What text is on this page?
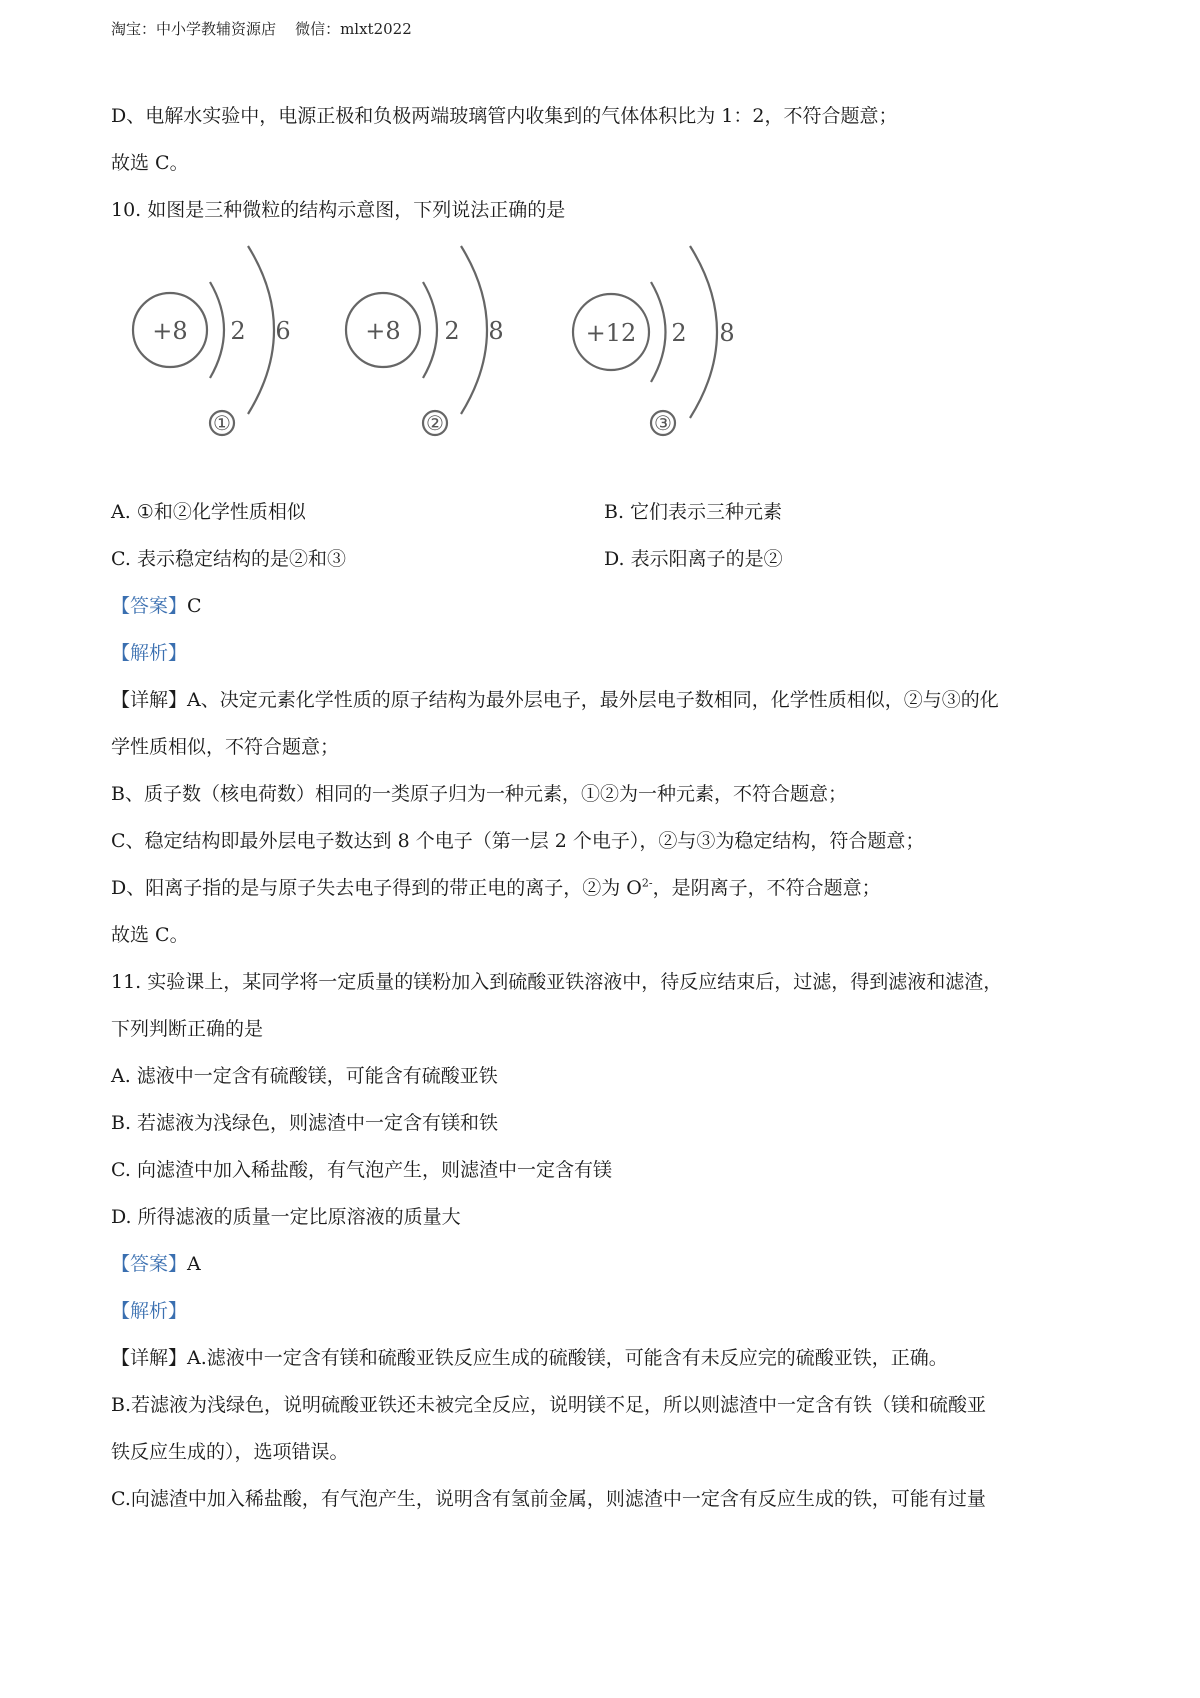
淘宝：中小学教辅资源店    微信：mlxt2022
D、电解水实验中，电源正极和负极两端玻璃管内收集到的气体体积比为 1：2，不符合题意；
故选 C。
10. 如图是三种微粒的结构示意图，下列说法正确的是
+8 2 6
①
+8 2 8
②
+12 2 8
③
A. ①和②化学性质相似	B. 它们表示三种元素
C. 表示稳定结构的是②和③	D. 表示阳离子的是②
【答案】C
【解析】
【详解】A、决定元素化学性质的原子结构为最外层电子，最外层电子数相同，化学性质相似，②与③的化
学性质相似，不符合题意；
B、质子数（核电荷数）相同的一类原子归为一种元素，①②为一种元素，不符合题意；
C、稳定结构即最外层电子数达到 8 个电子（第一层 2 个电子），②与③为稳定结构，符合题意；
D、阳离子指的是与原子失去电子得到的带正电的离子，②为 $O^{2-}$，是阴离子，不符合题意；
故选 C。
11. 实验课上，某同学将一定质量的镁粉加入到硫酸亚铁溶液中，待反应结束后，过滤，得到滤液和滤渣，
下列判断正确的是
A. 滤液中一定含有硫酸镁，可能含有硫酸亚铁
B. 若滤液为浅绿色，则滤渣中一定含有镁和铁
C. 向滤渣中加入稀盐酸，有气泡产生，则滤渣中一定含有镁
D. 所得滤液的质量一定比原溶液的质量大
【答案】A
【解析】
【详解】A.滤液中一定含有镁和硫酸亚铁反应生成的硫酸镁，可能含有未反应完的硫酸亚铁，正确。
B.若滤液为浅绿色，说明硫酸亚铁还未被完全反应，说明镁不足，所以则滤渣中一定含有铁（镁和硫酸亚
铁反应生成的），选项错误。
C.向滤渣中加入稀盐酸，有气泡产生，说明含有氢前金属，则滤渣中一定含有反应生成的铁，可能有过量
